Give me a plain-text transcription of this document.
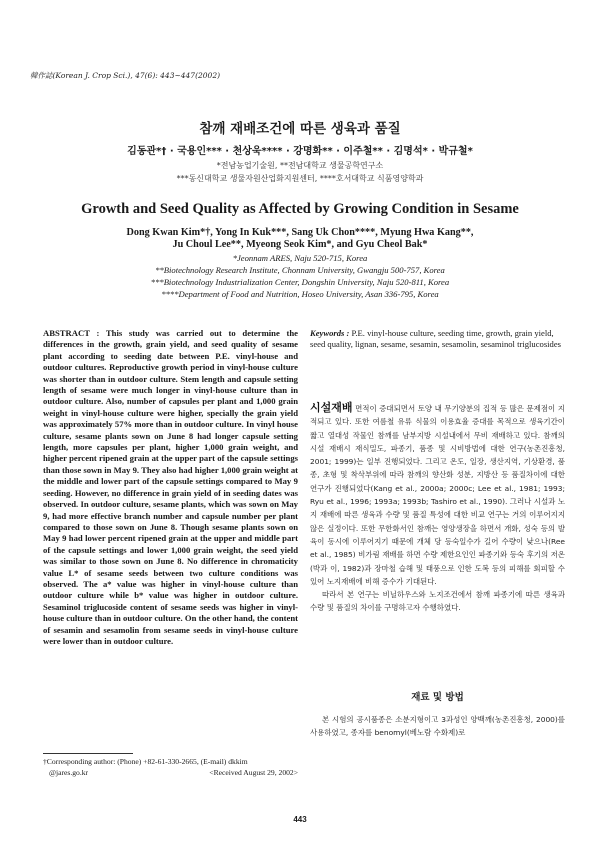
韓作誌(Korean J. Crop Sci.), 47(6): 443~447(2002)
참깨 재배조건에 따른 생육과 품질
김동관*† · 국용인*** · 천상욱**** · 강명화** · 이주철** · 김명석* · 박규철*
*전남농업기술원, **전남대학교 생물공학연구소
***동신대학교 생물자원산업화지원센터, ****호서대학교 식품영양학과
Growth and Seed Quality as Affected by Growing Condition in Sesame
Dong Kwan Kim*†, Yong In Kuk***, Sang Uk Chon****, Myung Hwa Kang**,
Ju Choul Lee**, Myeong Seok Kim*, and Gyu Cheol Bak*
*Jeonnam ARES, Naju 520-715, Korea
**Biotechnology Research Institute, Chonnam University, Gwangju 500-757, Korea
***Biotechnology Industrialization Center, Dongshin University, Naju 520-811, Korea
****Department of Food and Nutrition, Hoseo University, Asan 336-795, Korea
ABSTRACT : This study was carried out to determine the differences in the growth, grain yield, and seed quality of sesame plant according to seeding date between P.E. vinyl-house and outdoor cultures. Reproductive growth period in vinyl-house culture was shorter than in outdoor culture. Stem length and capsule setting length of sesame were much longer in vinyl-house culture than in outdoor culture. Also, number of capsules per plant and 1,000 grain weight in vinyl-house culture were higher, specially the grain yield was approximately 57% more than in outdoor culture. In vinyl house culture, sesame plants sown on June 8 had longer capsule setting length, more capsules per plant, higher 1,000 grain weight, and higher percent ripened grain at the upper part of the capsule settings than those sown in May 9. They also had higher 1,000 grain weight at the middle and lower part of the capsule settings compared to May 9 seeding. However, no difference in grain yield of in seeding dates was observed. In outdoor culture, sesame plants, which was sown on May 9, had more effective branch number and capsule number per plant compared to those sown on June 8. Though sesame plants sown on May 9 had lower percent ripened grain at the upper and middle part of the capsule settings and lower 1,000 grain weight, the seed yield was similar to those sown on June 8. No difference in chromaticity value L* of sesame seeds between two culture conditions was observed. The a* value was higher in vinyl-house culture than outdoor culture while b* value was higher in outdoor culture. Sesaminol triglucoside content of sesame seeds was higher in vinyl-house culture than in outdoor culture. On the other hand, the content of sesamin and sesamolin from sesame seeds in vinyl-house culture were lower than in outdoor culture.
Keywords : P.E. vinyl-house culture, seeding time, growth, grain yield, seed quality, lignan, sesame, sesamin, sesamolin, sesaminol triglucosides

시설재배 면적이 증대되면서 토양 내 무기양분의 집적 등 많은 문제점이 지적되고 있다. 또한 여름철 유류 식물의 이용효율 증대를 목적으로 생육기간이 짧고 열대성 작물인 참깨를 남부지방 시설내에서 무비 재배하고 있다. 참깨의 시설 재배시 재식밀도, 파종기, 품종 및 시비방법에 대한 연구(농촌진흥청, 2001; 1999)는 일부 진행되었다. 그리고 온도, 일장, 생산지역, 기상환경, 품종, 초형 및 착삭부위에 따라 참깨의 향산화 성분, 지방산 등 품질차이에 대한 연구가 진행되었다(Kang et al., 2000a; 2000c; Lee et al., 1981; 1993; Ryu et al., 1996; 1993a; 1993b; Tashiro et al., 1990). 그러나 시설과 노지 재배에 따른 생육과 수량 및 품질 특성에 대한 비교 연구는 거의 이루어지지 않은 실정이다. 또한 무한화서인 참깨는 영양생장을 하면서 개화, 성숙 등의 발육이 동시에 이루어지기 때문에 개체 당 등숙일수가 길어 수량이 낮으나(Ree et al., 1985) 비가림 재배를 하면 수량 제한요인인 파종기와 등숙 후기의 저온(박과 이, 1982)과 장마철 습해 및 태풍으로 인한 도복 등의 피해를 회피할 수 있어 노지재배에 비해 증수가 기대된다.

따라서 본 연구는 비닐하우스와 노지조건에서 참깨 파종기에 따른 생육과 수량 및 품질의 차이를 구명하고자 수행하였다.

재료 및 방법

본 시험의 공시품종은 소분지형이고 3과성인 양백깨(농촌진흥청, 2000)를 사용하였고, 종자를 benomyl(베노람 수화제)로

†Corresponding author: (Phone) +82-61-330-2665, (E-mail) dkkim
@jares.go.kr	<Received August 29, 2002>
443
